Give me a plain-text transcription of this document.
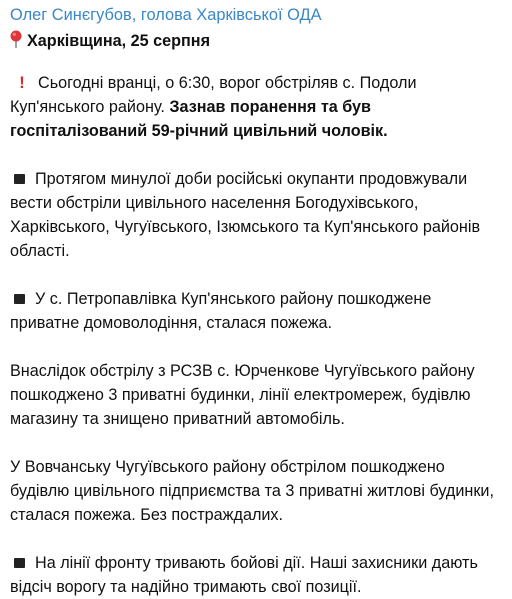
Олег Синєгубов, голова Харківської ОДА
Харківщина, 25 серпня
! Сьогодні вранці, о 6:30, ворог обстріляв с. Подоли Куп'янського району. Зазнав поранення та був госпіталізований 59-річний цивільний чоловік.
Протягом минулої доби російські окупанти продовжували вести обстріли цивільного населення Богодухівського, Харківського, Чугуївського, Ізюмського та Куп'янського районів області.
У с. Петропавлівка Куп'янського району пошкоджене приватне домоволодіння, сталася пожежа.
Внаслідок обстрілу з РСЗВ с. Юрченкове Чугуївського району пошкоджено 3 приватні будинки, лінії електромереж, будівлю магазину та знищено приватний автомобіль.
У Вовчанську Чугуївського району обстрілом пошкоджено будівлю цивільного підприємства та 3 приватні житлові будинки, сталася пожежа. Без постраждалих.
На лінії фронту тривають бойові дії. Наші захисники дають відсіч ворогу та надійно тримають свої позиції.
